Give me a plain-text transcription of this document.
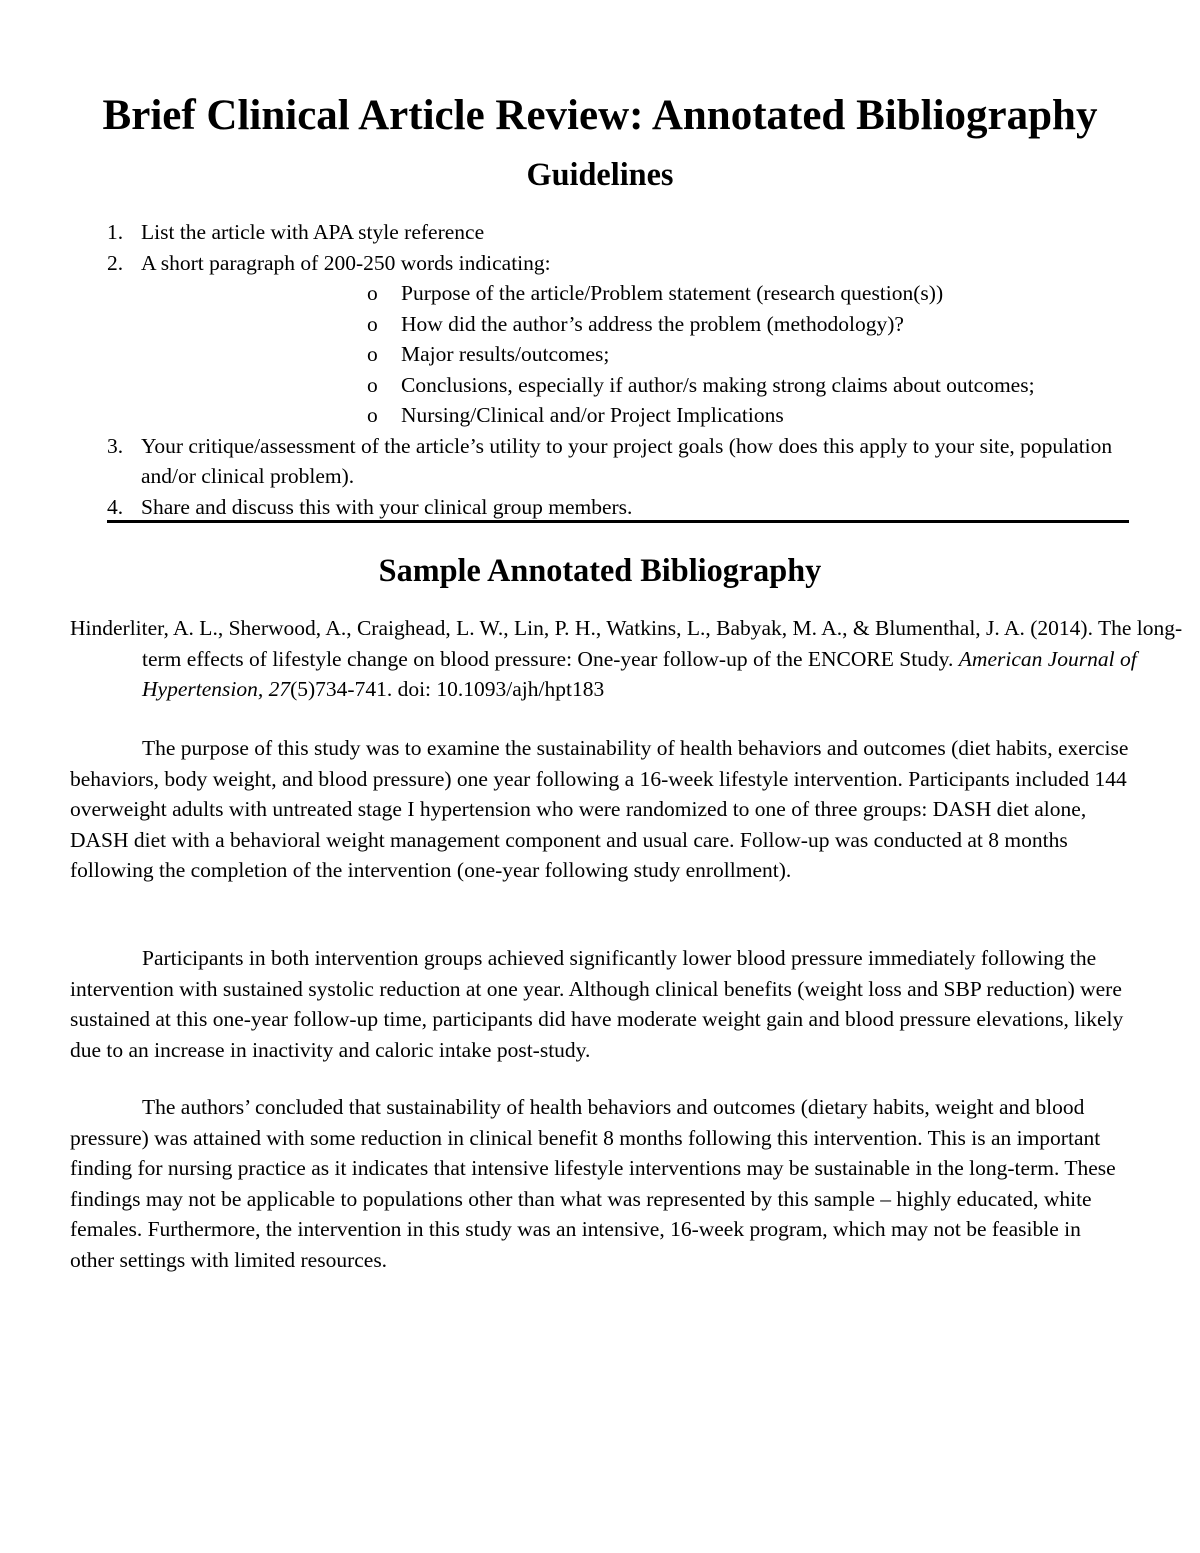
Brief Clinical Article Review: Annotated Bibliography
Guidelines
1. List the article with APA style reference
2. A short paragraph of 200-250 words indicating:
o Purpose of the article/Problem statement (research question(s))
o How did the author’s address the problem (methodology)?
o Major results/outcomes;
o Conclusions, especially if author/s making strong claims about outcomes;
o Nursing/Clinical and/or Project Implications
3. Your critique/assessment of the article’s utility to your project goals (how does this apply to your site, population and/or clinical problem).
4. Share and discuss this with your clinical group members.
Sample Annotated Bibliography
Hinderliter, A. L., Sherwood, A., Craighead, L. W., Lin, P. H., Watkins, L., Babyak, M. A., & Blumenthal, J. A. (2014). The long-term effects of lifestyle change on blood pressure: One-year follow-up of the ENCORE Study. American Journal of Hypertension, 27(5)734-741. doi: 10.1093/ajh/hpt183

The purpose of this study was to examine the sustainability of health behaviors and outcomes (diet habits, exercise behaviors, body weight, and blood pressure) one year following a 16-week lifestyle intervention. Participants included 144 overweight adults with untreated stage I hypertension who were randomized to one of three groups: DASH diet alone, DASH diet with a behavioral weight management component and usual care. Follow-up was conducted at 8 months following the completion of the intervention (one-year following study enrollment).

Participants in both intervention groups achieved significantly lower blood pressure immediately following the intervention with sustained systolic reduction at one year. Although clinical benefits (weight loss and SBP reduction) were sustained at this one-year follow-up time, participants did have moderate weight gain and blood pressure elevations, likely due to an increase in inactivity and caloric intake post-study.

The authors’ concluded that sustainability of health behaviors and outcomes (dietary habits, weight and blood pressure) was attained with some reduction in clinical benefit 8 months following this intervention. This is an important finding for nursing practice as it indicates that intensive lifestyle interventions may be sustainable in the long-term. These findings may not be applicable to populations other than what was represented by this sample – highly educated, white females. Furthermore, the intervention in this study was an intensive, 16-week program, which may not be feasible in other settings with limited resources.
